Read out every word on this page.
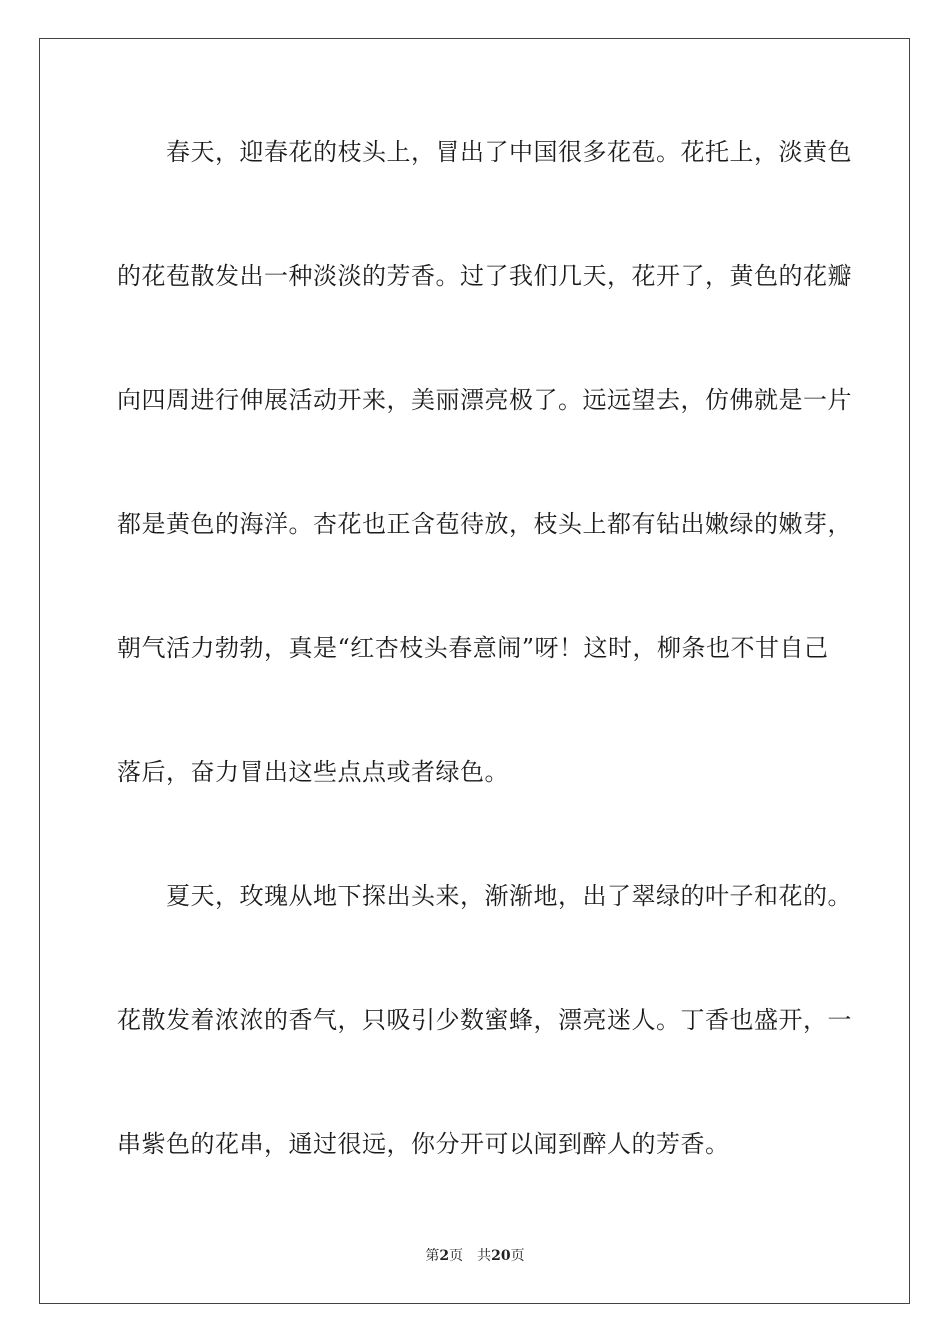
　　春天，迎春花的枝头上，冒出了中国很多花苞。花托上，淡黄色
的花苞散发出一种淡淡的芳香。过了我们几天，花开了，黄色的花瓣
向四周进行伸展活动开来，美丽漂亮极了。远远望去，仿佛就是一片
都是黄色的海洋。杏花也正含苞待放，枝头上都有钻出嫩绿的嫩芽，
朝气活力勃勃，真是“红杏枝头春意闹”呀！这时，柳条也不甘自己
落后，奋力冒出这些点点或者绿色。
　　夏天，玫瑰从地下探出头来，渐渐地，出了翠绿的叶子和花的。
花散发着浓浓的香气，只吸引少数蜜蜂，漂亮迷人。丁香也盛开，一
串紫色的花串，通过很远，你分开可以闻到醉人的芳香。
第2页 共20页
